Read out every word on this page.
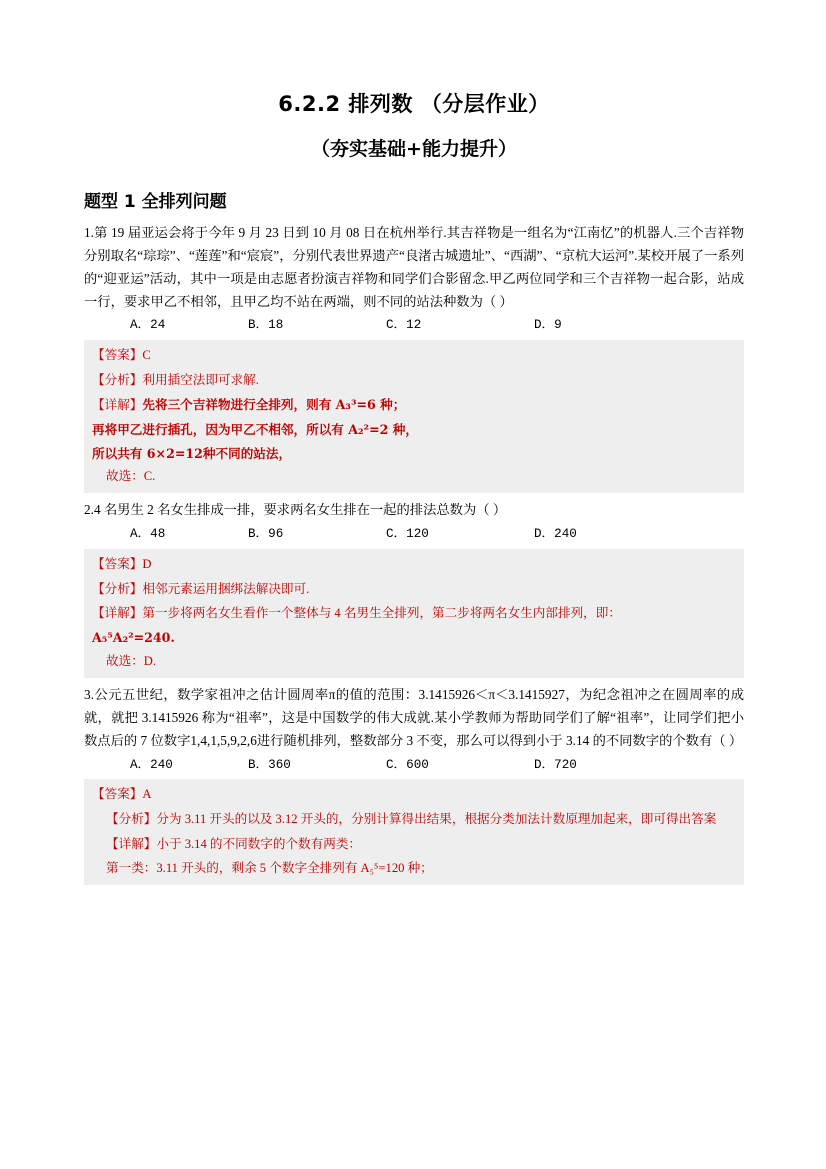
6.2.2 排列数 （分层作业）
（夯实基础+能力提升）
题型 1 全排列问题

1.第 19 届亚运会将于今年 9 月 23 日到 10 月 08 日在杭州举行.其吉祥物是一组名为“江南忆”的机器人.三个吉祥物分别取名“琮琮”、“莲莲”和“宸宸”，分别代表世界遗产“良渚古城遗址”、“西湖”、“京杭大运河”.某校开展了一系列的“迎亚运”活动，其中一项是由志愿者扮演吉祥物和同学们合影留念.甲乙两位同学和三个吉祥物一起合影，站成一行，要求甲乙不相邻，且甲乙均不站在两端，则不同的站法种数为（ ）

A．24	B．18	C．12	D．9

【答案】C

【分析】利用插空法即可求解.

【详解】先将三个吉祥物进行全排列，则有 A₃³=6 种；

再将甲乙进行插孔，因为甲乙不相邻，所以有 A₂²=2 种，

所以共有 6×2=12种不同的站法，

故选：C.

2.4 名男生 2 名女生排成一排，要求两名女生排在一起的排法总数为（ ）

A．48	B．96	C．120	D．240

【答案】D

【分析】相邻元素运用捆绑法解决即可.

【详解】第一步将两名女生看作一个整体与 4 名男生全排列，第二步将两名女生内部排列，即：

A₅⁵A₂²=240.

故选：D.

3.公元五世纪，数学家祖冲之估计圆周率π的值的范围：3.1415926＜π＜3.1415927，为纪念祖冲之在圆周率的成就，就把 3.1415926 称为“祖率”，这是中国数学的伟大成就.某小学教师为帮助同学们了解“祖率”，让同学们把小数点后的 7 位数字1,4,1,5,9,2,6进行随机排列，整数部分 3 不变，那么可以得到小于 3.14 的不同数字的个数有（ ）

A．240	B．360	C．600	D．720

【答案】A

【分析】分为 3.11 开头的以及 3.12 开头的，分别计算得出结果，根据分类加法计数原理加起来，即可得出答案

【详解】小于 3.14 的不同数字的个数有两类：

第一类：3.11 开头的，剩余 5 个数字全排列有 A₅⁵=120 种；
